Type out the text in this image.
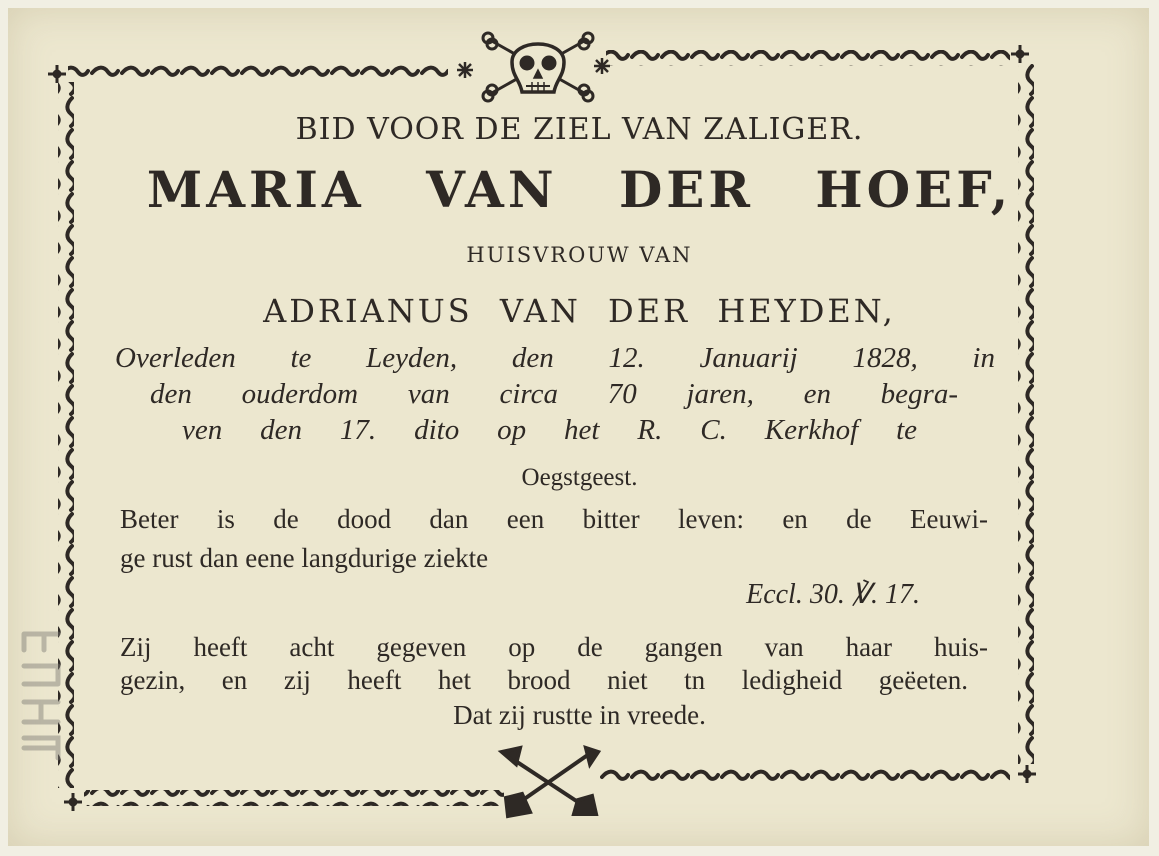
BID VOOR DE ZIEL VAN ZALIGER.
MARIA VAN DER HOEF,
HUISVROUW VAN
ADRIANUS VAN DER HEYDEN,
Overleden te Leyden, den 12. Januarij 1828, in
den ouderdom van circa 70 jaren, en begra-
ven den 17. dito op het R. C. Kerkhof te
Oegstgeest.
Beter is de dood dan een bitter leven: en de Eeuwi-
ge rust dan eene langdurige ziekte
Eccl. 30. ℣. 17.
Zij heeft acht gegeven op de gangen van haar huis-
gezin, en zij heeft het brood niet tn ledigheid geëeten.
Dat zij rustte in vreede.
